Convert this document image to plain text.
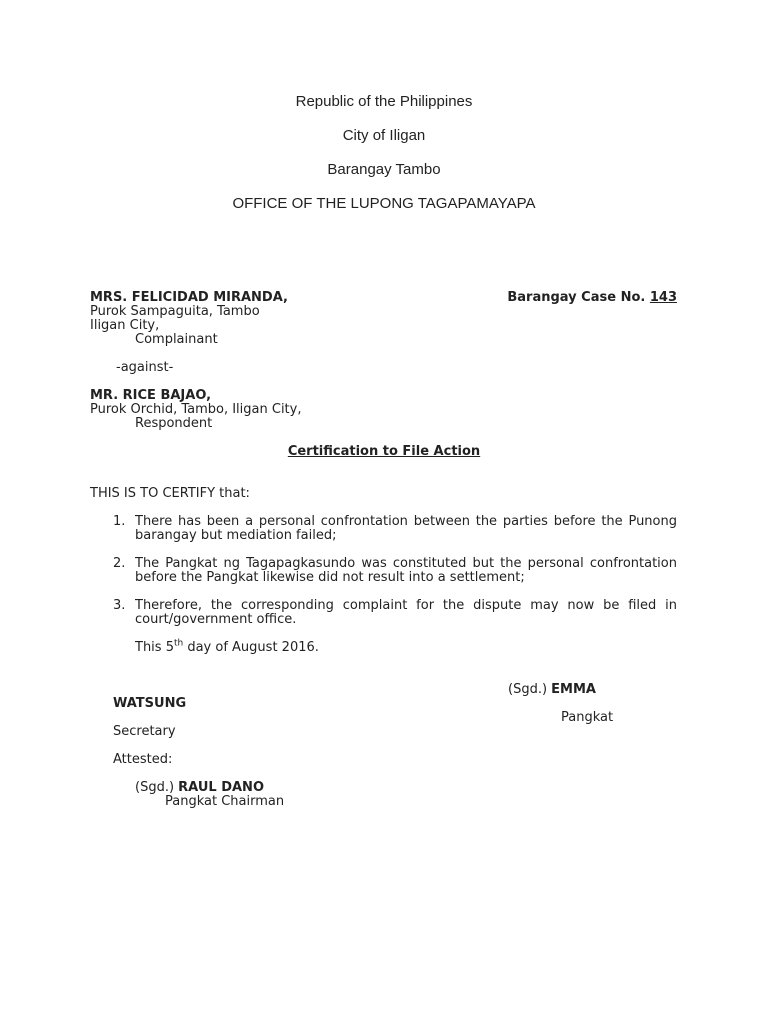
Republic of the Philippines
City of Iligan
Barangay Tambo
OFFICE OF THE LUPONG TAGAPAMAYAPA
MRS. FELICIDAD MIRANDA,
Purok Sampaguita, Tambo
Iligan City,
Complainant
Barangay Case No. 143
-against-
MR. RICE BAJAO,
Purok Orchid, Tambo, Iligan City,
Respondent
Certification to File Action
THIS IS TO CERTIFY that:
1. There has been a personal confrontation between the parties before the Punong barangay but mediation failed;
2. The Pangkat ng Tagapagkasundo was constituted but the personal confrontation before the Pangkat likewise did not result into a settlement;
3. Therefore, the corresponding complaint for the dispute may now be filed in court/government office.
This 5th day of August 2016.
(Sgd.) EMMA
WATSUNG
Pangkat
Secretary
Attested:
(Sgd.) RAUL DANO
Pangkat Chairman
